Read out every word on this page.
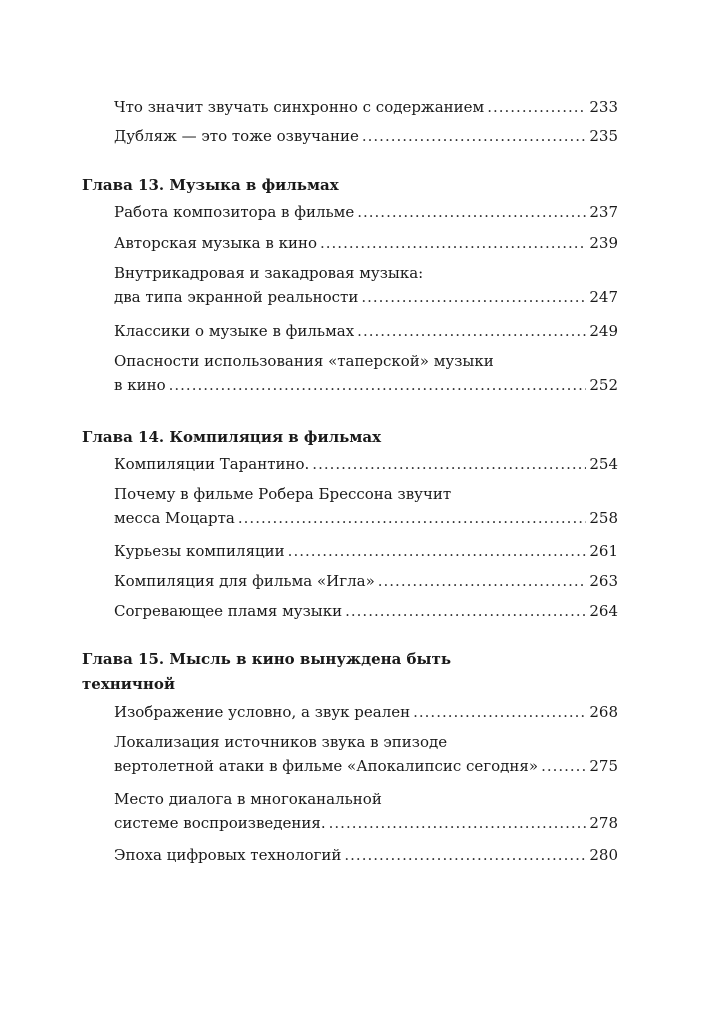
Что значит звучать синхронно с содержанием .....	233
Дубляж — это тоже озвучание .....	235
Глава 13. Музыка в фильмах
Работа композитора в фильме .....	237
Авторская музыка в кино .....	239
Внутрикадровая и закадровая музыка:
два типа экранной реальности .....	247
Классики о музыке в фильмах .....	249
Опасности использования «таперской» музыки
в кино .....	252
Глава 14. Компиляция в фильмах
Компиляции Тарантино. .....	254
Почему в фильме Робера Брессона звучит
месса Моцарта .....	258
Курьезы компиляции .....	261
Компиляция для фильма «Игла» .....	263
Согревающее пламя музыки .....	264
Глава 15. Мысль в кино вынуждена быть
техничной
Изображение условно, а звук реален .....	268
Локализация источников звука в эпизоде
вертолетной атаки в фильме «Апокалипсис сегодня» .....	275
Место диалога в многоканальной
системе воспроизведения. .....	278
Эпоха цифровых технологий .....	280
